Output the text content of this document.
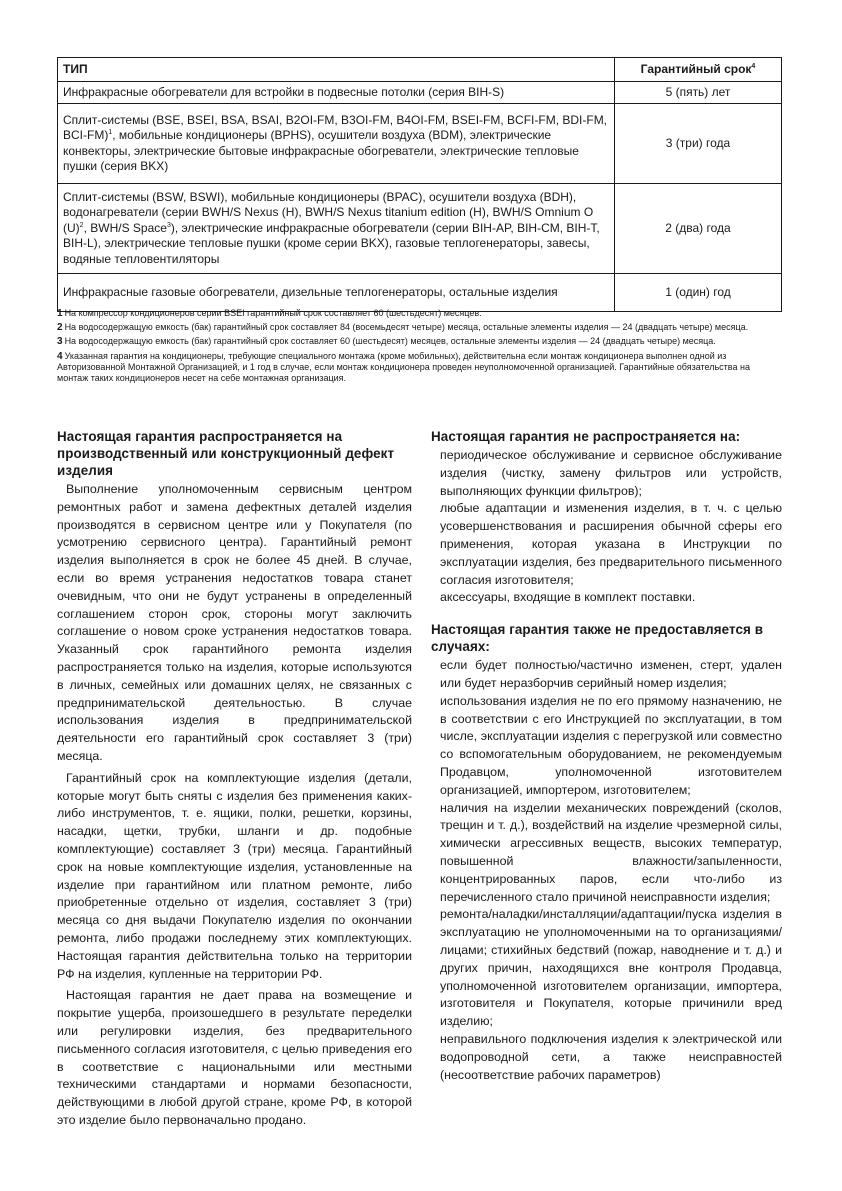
ТИП	Гарантийный срок$^4$
Инфракрасные обогреватели для встройки в подвесные потолки (серия BIH-S)	5 (пять) лет
Сплит-системы (BSE, BSEI, BSA, BSAI, B2OI-FM, B3OI-FM, B4OI-FM, BSEI-FM, BCFI-FM, BDI-FM, BCI-FM)$^1$, мобильные кондиционеры (BPHS), осушители воздуха (BDM), электрические конвекторы, электрические бытовые инфракрасные обогреватели, электрические тепловые пушки (серия BKX)	3 (три) года
Сплит-системы (BSW, BSWI), мобильные кондиционеры (BPAC), осушители воздуха (BDH), водонагреватели (серии BWH/S Nexus (H), BWH/S Nexus titanium edition (H), BWH/S Omnium O $(U)^2$, BWH/S Space$^3$), электрические инфракрасные обогреватели (серии BIH-AP, BIH-CM, BIH-T, BIH-L), электрические тепловые пушки (кроме серии BKX), газовые теплогенераторы, завесы, водяные тепловентиляторы	2 (два) года
Инфракрасные газовые обогреватели, дизельные теплогенераторы, остальные изделия	1 (один) год
1 На компрессор кондиционеров серии BSEI гарантийный срок составляет 60 (шестьдесят) месяцев.
2 На водосодержащую емкость (бак) гарантийный срок составляет 84 (восемьдесят четыре) месяца, остальные элементы изделия — 24 (двадцать четыре) месяца.
3 На водосодержащую емкость (бак) гарантийный срок составляет 60 (шестьдесят) месяцев, остальные элементы изделия — 24 (двадцать четыре) месяца.
4 Указанная гарантия на кондиционеры, требующие специального монтажа (кроме мобильных), действительна если монтаж кондиционера выполнен одной из Авторизованной Монтажной Организацией, и 1 год в случае, если монтаж кондиционера проведен неуполномоченной организацией. Гарантийные обязательства на монтаж таких кондиционеров несет на себе монтажная организация.
Настоящая гарантия распространяется на производственный или конструкционный дефект изделия

Выполнение уполномоченным сервисным центром ремонтных работ и замена дефектных деталей изделия производятся в сервисном центре или у Покупателя (по усмотрению сервисного центра). Гарантийный ремонт изделия выполняется в срок не более 45 дней. В случае, если во время устранения недостатков товара станет очевидным, что они не будут устранены в определенный соглашением сторон срок, стороны могут заключить соглашение о новом сроке устранения недостатков товара. Указанный срок гарантийного ремонта изделия распространяется только на изделия, которые используются в личных, семейных или домашних целях, не связанных с предпринимательской деятельностью. В случае использования изделия в предпринимательской деятельности его гарантийный срок составляет 3 (три) месяца.

Гарантийный срок на комплектующие изделия (детали, которые могут быть сняты с изделия без применения каких-либо инструментов, т. е. ящики, полки, решетки, корзины, насадки, щетки, трубки, шланги и др. подобные комплектующие) составляет 3 (три) месяца. Гарантийный срок на новые комплектующие изделия, установленные на изделие при гарантийном или платном ремонте, либо приобретенные отдельно от изделия, составляет 3 (три) месяца со дня выдачи Покупателю изделия по окончании ремонта, либо продажи последнему этих комплектующих. Настоящая гарантия действительна только на территории РФ на изделия, купленные на территории РФ.

Настоящая гарантия не дает права на возмещение и покрытие ущерба, произошедшего в результате переделки или регулировки изделия, без предварительного письменного согласия изготовителя, с целью приведения его в соответствие с национальными или местными техническими стандартами и нормами безопасности, действующими в любой другой стране, кроме РФ, в которой это изделие было первоначально продано.

Настоящая гарантия не распространяется на:

периодическое обслуживание и сервисное обслуживание изделия (чистку, замену фильтров или устройств, выполняющих функции фильтров);

любые адаптации и изменения изделия, в т. ч. с целью усовершенствования и расширения обычной сферы его применения, которая указана в Инструкции по эксплуатации изделия, без предварительного письменного согласия изготовителя;

аксессуары, входящие в комплект поставки.

Настоящая гарантия также не предоставляется в случаях:

если будет полностью/частично изменен, стерт, удален или будет неразборчив серийный номер изделия;

использования изделия не по его прямому назначению, не в соответствии с его Инструкцией по эксплуатации, в том числе, эксплуатации изделия с перегрузкой или совместно со вспомогательным оборудованием, не рекомендуемым Продавцом, уполномоченной изготовителем организацией, импортером, изготовителем;

наличия на изделии механических повреждений (сколов, трещин и т. д.), воздействий на изделие чрезмерной силы, химически агрессивных веществ, высоких температур, повышенной влажности/запыленности, концентрированных паров, если что-либо из перечисленного стало причиной неисправности изделия;

ремонта/наладки/инсталляции/адаптации/пуска изделия в эксплуатацию не уполномоченными на то организациями/лицами; стихийных бедствий (пожар, наводнение и т. д.) и других причин, находящихся вне контроля Продавца, уполномоченной изготовителем организации, импортера, изготовителя и Покупателя, которые причинили вред изделию;

неправильного подключения изделия к электрической или водопроводной сети, а также неисправностей (несоответствие рабочих параметров)
